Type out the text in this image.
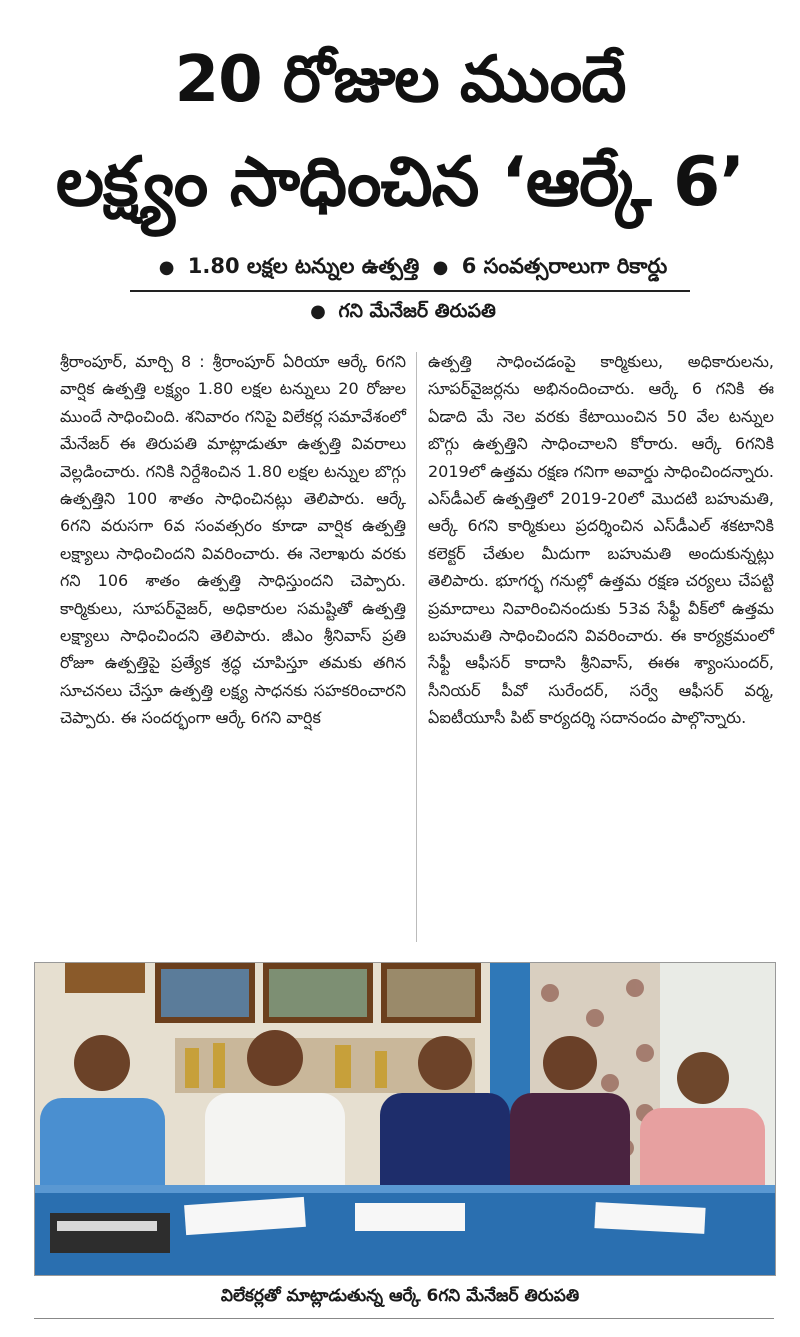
20 రోజుల ముందే
లక్ష్యం సాధించిన ‘ఆర్కే 6’
● 1.80 లక్షల టన్నుల ఉత్పత్తి ● 6 సంవత్సరాలుగా రికార్డు
● గని మేనేజర్ తిరుపతి

శ్రీరాంపూర్, మార్చి 8 : శ్రీరాంపూర్ ఏరియా ఆర్కే 6గని వార్షిక ఉత్పత్తి లక్ష్యం 1.80 లక్షల టన్నులు 20 రోజుల ముందే సాధించింది. శనివారం గనిపై విలేకర్ల సమావేశంలో మేనేజర్ ఈ తిరుపతి మాట్లాడుతూ ఉత్పత్తి వివరాలు వెల్లడించారు. గనికి నిర్దేశించిన 1.80 లక్షల టన్నుల బొగ్గు ఉత్పత్తిని 100 శాతం సాధించినట్లు తెలిపారు. ఆర్కే 6గని వరుసగా 6వ సంవత్సరం కూడా వార్షిక ఉత్పత్తి లక్ష్యాలు సాధించిందని వివరించారు. ఈ నెలాఖరు వరకు గని 106 శాతం ఉత్పత్తి సాధిస్తుందని చెప్పారు. కార్మికులు, సూపర్‌వైజర్, అధికారుల సమష్టితో ఉత్పత్తి లక్ష్యాలు సాధించిందని తెలిపారు. జీఎం శ్రీనివాస్ ప్రతి రోజూ ఉత్పత్తిపై ప్రత్యేక శ్రద్ధ చూపిస్తూ తమకు తగిన సూచనలు చేస్తూ ఉత్పత్తి లక్ష్య సాధనకు సహకరించారని చెప్పారు. ఈ సందర్భంగా ఆర్కే 6గని వార్షిక

ఉత్పత్తి సాధించడంపై కార్మికులు, అధికారులను, సూపర్‌వైజర్లను అభినందించారు. ఆర్కే 6 గనికి ఈ ఏడాది మే నెల వరకు కేటాయించిన 50 వేల టన్నుల బొగ్గు ఉత్పత్తిని సాధించాలని కోరారు. ఆర్కే 6గనికి 2019లో ఉత్తమ రక్షణ గనిగా అవార్డు సాధించిందన్నారు. ఎస్‌డీఎల్ ఉత్పత్తిలో 2019-20లో మొదటి బహుమతి, ఆర్కే 6గని కార్మికులు ప్రదర్శించిన ఎస్‌డీఎల్ శకటానికి కలెక్టర్ చేతుల మీదుగా బహుమతి అందుకున్నట్లు తెలిపారు. భూగర్భ గనుల్లో ఉత్తమ రక్షణ చర్యలు చేపట్టి ప్రమాదాలు నివారించినందుకు 53వ సేఫ్టీ వీక్‌లో ఉత్తమ బహుమతి సాధించిందని వివరించారు. ఈ కార్యక్రమంలో సేఫ్టీ ఆఫీసర్ కాదాసి శ్రీనివాస్, ఈఈ శ్యాంసుందర్, సీనియర్ పీవో సురేందర్, సర్వే ఆఫీసర్ వర్మ, ఏఐటీయూసీ పిట్ కార్యదర్శి సదానందం పాల్గొన్నారు.

విలేకర్లతో మాట్లాడుతున్న ఆర్కే 6గని మేనేజర్ తిరుపతి
